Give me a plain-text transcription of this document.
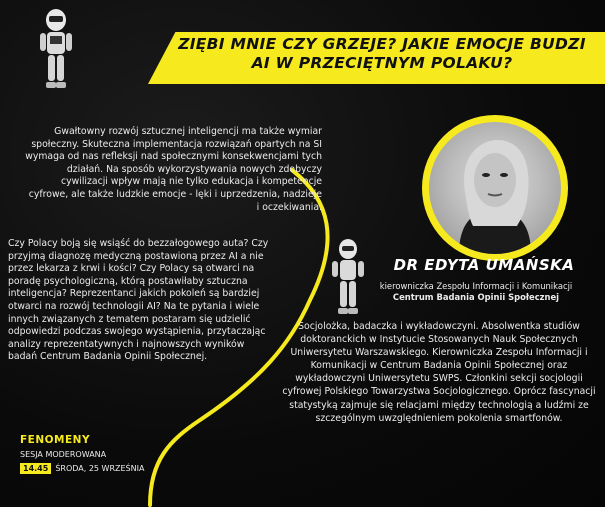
ZIĘBI MNIE CZY GRZEJE? JAKIE EMOCJE BUDZI
AI W PRZECIĘTNYM POLAKU?
Gwałtowny rozwój sztucznej inteligencji ma także wymiar społeczny. Skuteczna implementacja rozwiązań opartych na SI wymaga od nas refleksji nad społecznymi konsekwencjami tych działań. Na sposób wykorzystywania nowych zdobyczy cywilizacji wpływ mają nie tylko edukacja i kompetencje cyfrowe, ale także ludzkie emocje - lęki i uprzedzenia, nadzieje i oczekiwania.
Czy Polacy boją się wsiąść do bezzałogowego auta? Czy przyjmą diagnozę medyczną postawioną przez AI a nie przez lekarza z krwi i kości? Czy Polacy są otwarci na poradę psychologiczną, którą postawiłaby sztuczna inteligencja? Reprezentanci jakich pokoleń są bardziej otwarci na rozwój technologii AI? Na te pytania i wiele innych związanych z tematem postaram się udzielić odpowiedzi podczas swojego wystąpienia, przytaczając analizy reprezentatywnych i najnowszych wyników badań Centrum Badania Opinii Społecznej.
DR EDYTA UMAŃSKA
kierowniczka Zespołu Informacji i Komunikacji
Centrum Badania Opinii Społecznej
Socjolożka, badaczka i wykładowczyni. Absolwentka studiów doktoranckich w Instytucie Stosowanych Nauk Społecznych Uniwersytetu Warszawskiego. Kierowniczka Zespołu Informacji i Komunikacji w Centrum Badania Opinii Społecznej oraz wykładowczyni Uniwersytetu SWPS. Członkini sekcji socjologii cyfrowej Polskiego Towarzystwa Socjologicznego. Oprócz fascynacji statystyką zajmuje się relacjami między technologią a ludźmi ze szczególnym uwzględnieniem pokolenia smartfonów.
FENOMENY
SESJA MODEROWANA
14.45 ŚRODA, 25 WRZEŚNIA
